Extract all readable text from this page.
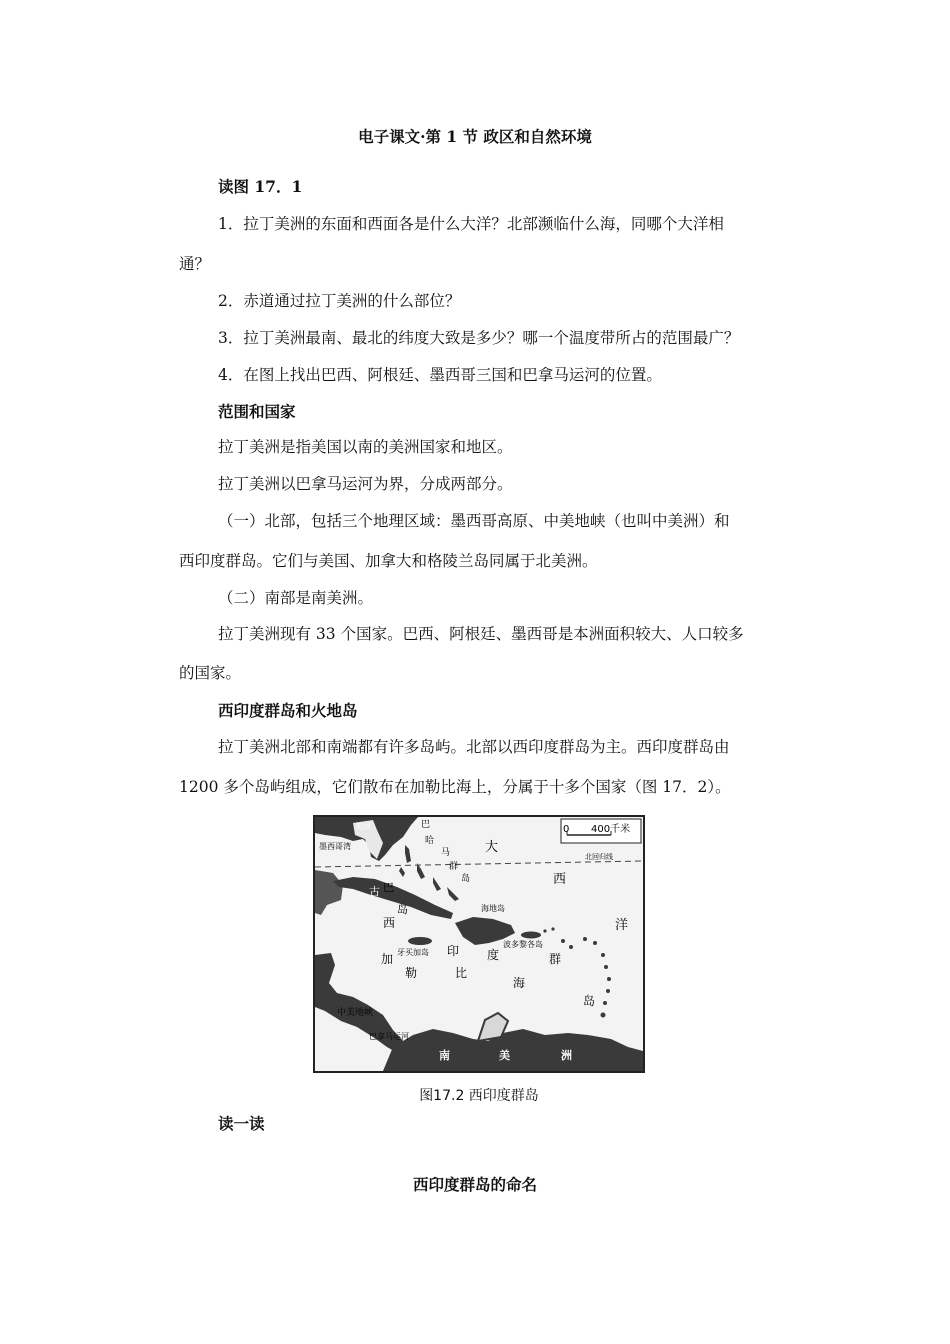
电子课文·第 1 节 政区和自然环境
读图 17．1
1．拉丁美洲的东面和西面各是什么大洋？北部濒临什么海，同哪个大洋相
通？
2．赤道通过拉丁美洲的什么部位？
3．拉丁美洲最南、最北的纬度大致是多少？哪一个温度带所占的范围最广？
4．在图上找出巴西、阿根廷、墨西哥三国和巴拿马运河的位置。
范围和国家
拉丁美洲是指美国以南的美洲国家和地区。
拉丁美洲以巴拿马运河为界，分成两部分。
（一）北部，包括三个地理区域：墨西哥高原、中美地峡（也叫中美洲）和
西印度群岛。它们与美国、加拿大和格陵兰岛同属于北美洲。
（二）南部是南美洲。
拉丁美洲现有 33 个国家。巴西、阿根廷、墨西哥是本洲面积较大、人口较多
的国家。
西印度群岛和火地岛
拉丁美洲北部和南端都有许多岛屿。北部以西印度群岛为主。西印度群岛由
1200 多个岛屿组成，它们散布在加勒比海上，分属于十多个国家（图 17．2）。
0 400千米
北回归线
美国
墨西哥湾
巴
哈
马
群
岛
古 巴
岛	海地岛
牙买加岛
波多黎各岛
西
印 度	群
岛
加
勒	比
海
大
西
洋
中美地峡
巴拿马运河
南	美	洲
图17.2 西印度群岛
读一读
西印度群岛的命名
